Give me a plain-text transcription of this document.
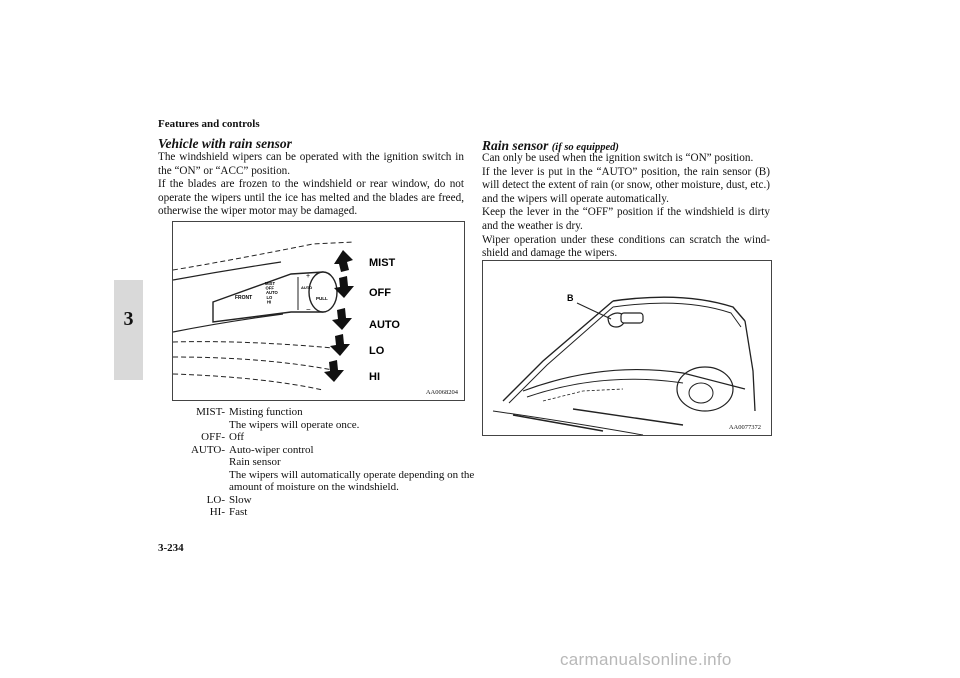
Features and controls
3
Vehicle with rain sensor
The windshield wipers can be operated with the ignition switch in the “ON” or “ACC” position.
If the blades are frozen to the windshield or rear window, do not operate the wipers until the ice has melted and the blades are freed, otherwise the wiper motor may be damaged.
FRONT	PULL
AUTO
MIST
OFF
AUTO
LO
HI
+
−
MIST
OFF
AUTO
LO
HI
AA0068204
MIST- Misting function
The wipers will operate once.
OFF- Off
AUTO- Auto-wiper control
Rain sensor
The wipers will automatically operate depending on the
amount of moisture on the windshield.
LO- Slow
HI- Fast
Rain sensor (if so equipped)
Can only be used when the ignition switch is “ON” position.
If the lever is put in the “AUTO” position, the rain sensor (B) will detect the extent of rain (or snow, other moisture, dust, etc.) and the wipers will operate automatically.
Keep the lever in the “OFF” position if the windshield is dirty and the weather is dry.
Wiper operation under these conditions can scratch the wind-shield and damage the wipers.
B
AA0077372
3-234
carmanualsonline.info
